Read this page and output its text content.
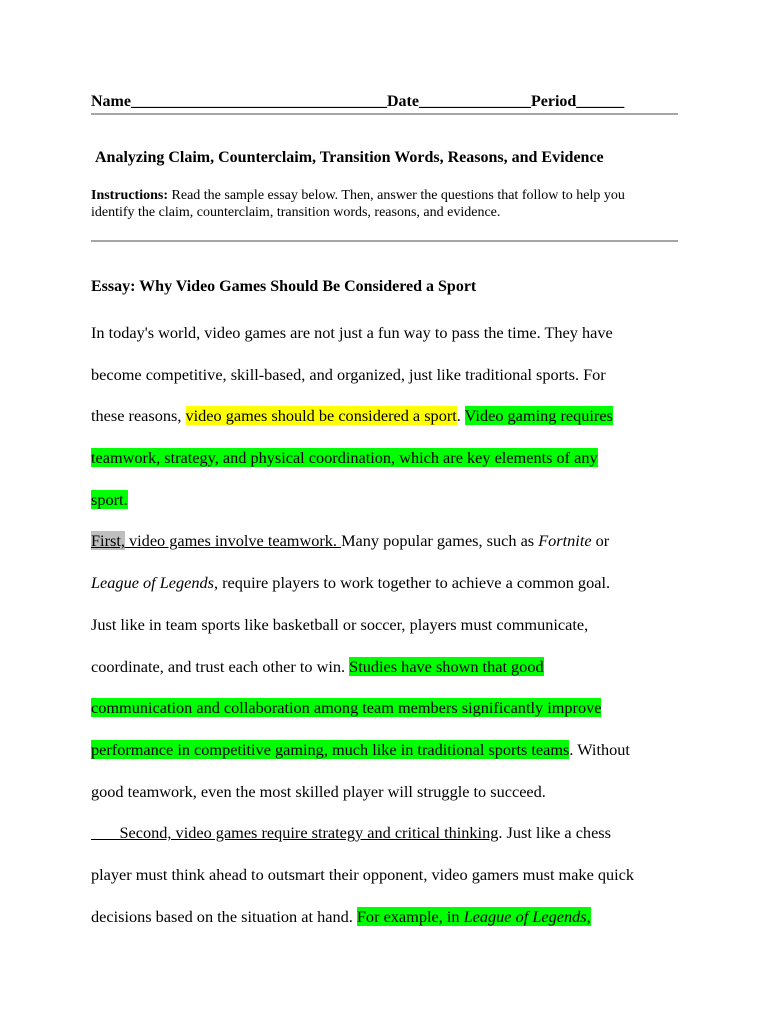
Name________________________________Date______________Period______
Analyzing Claim, Counterclaim, Transition Words, Reasons, and Evidence
Instructions: Read the sample essay below. Then, answer the questions that follow to help you
identify the claim, counterclaim, transition words, reasons, and evidence.
Essay: Why Video Games Should Be Considered a Sport
In today's world, video games are not just a fun way to pass the time. They have
become competitive, skill-based, and organized, just like traditional sports. For
these reasons, video games should be considered a sport. Video gaming requires
teamwork, strategy, and physical coordination, which are key elements of any
sport.
First, video games involve teamwork. Many popular games, such as Fortnite or
League of Legends, require players to work together to achieve a common goal.
Just like in team sports like basketball or soccer, players must communicate,
coordinate, and trust each other to win. Studies have shown that good
communication and collaboration among team members significantly improve
performance in competitive gaming, much like in traditional sports teams. Without
good teamwork, even the most skilled player will struggle to succeed.
Second, video games require strategy and critical thinking. Just like a chess
player must think ahead to outsmart their opponent, video gamers must make quick
decisions based on the situation at hand. For example, in League of Legends,
